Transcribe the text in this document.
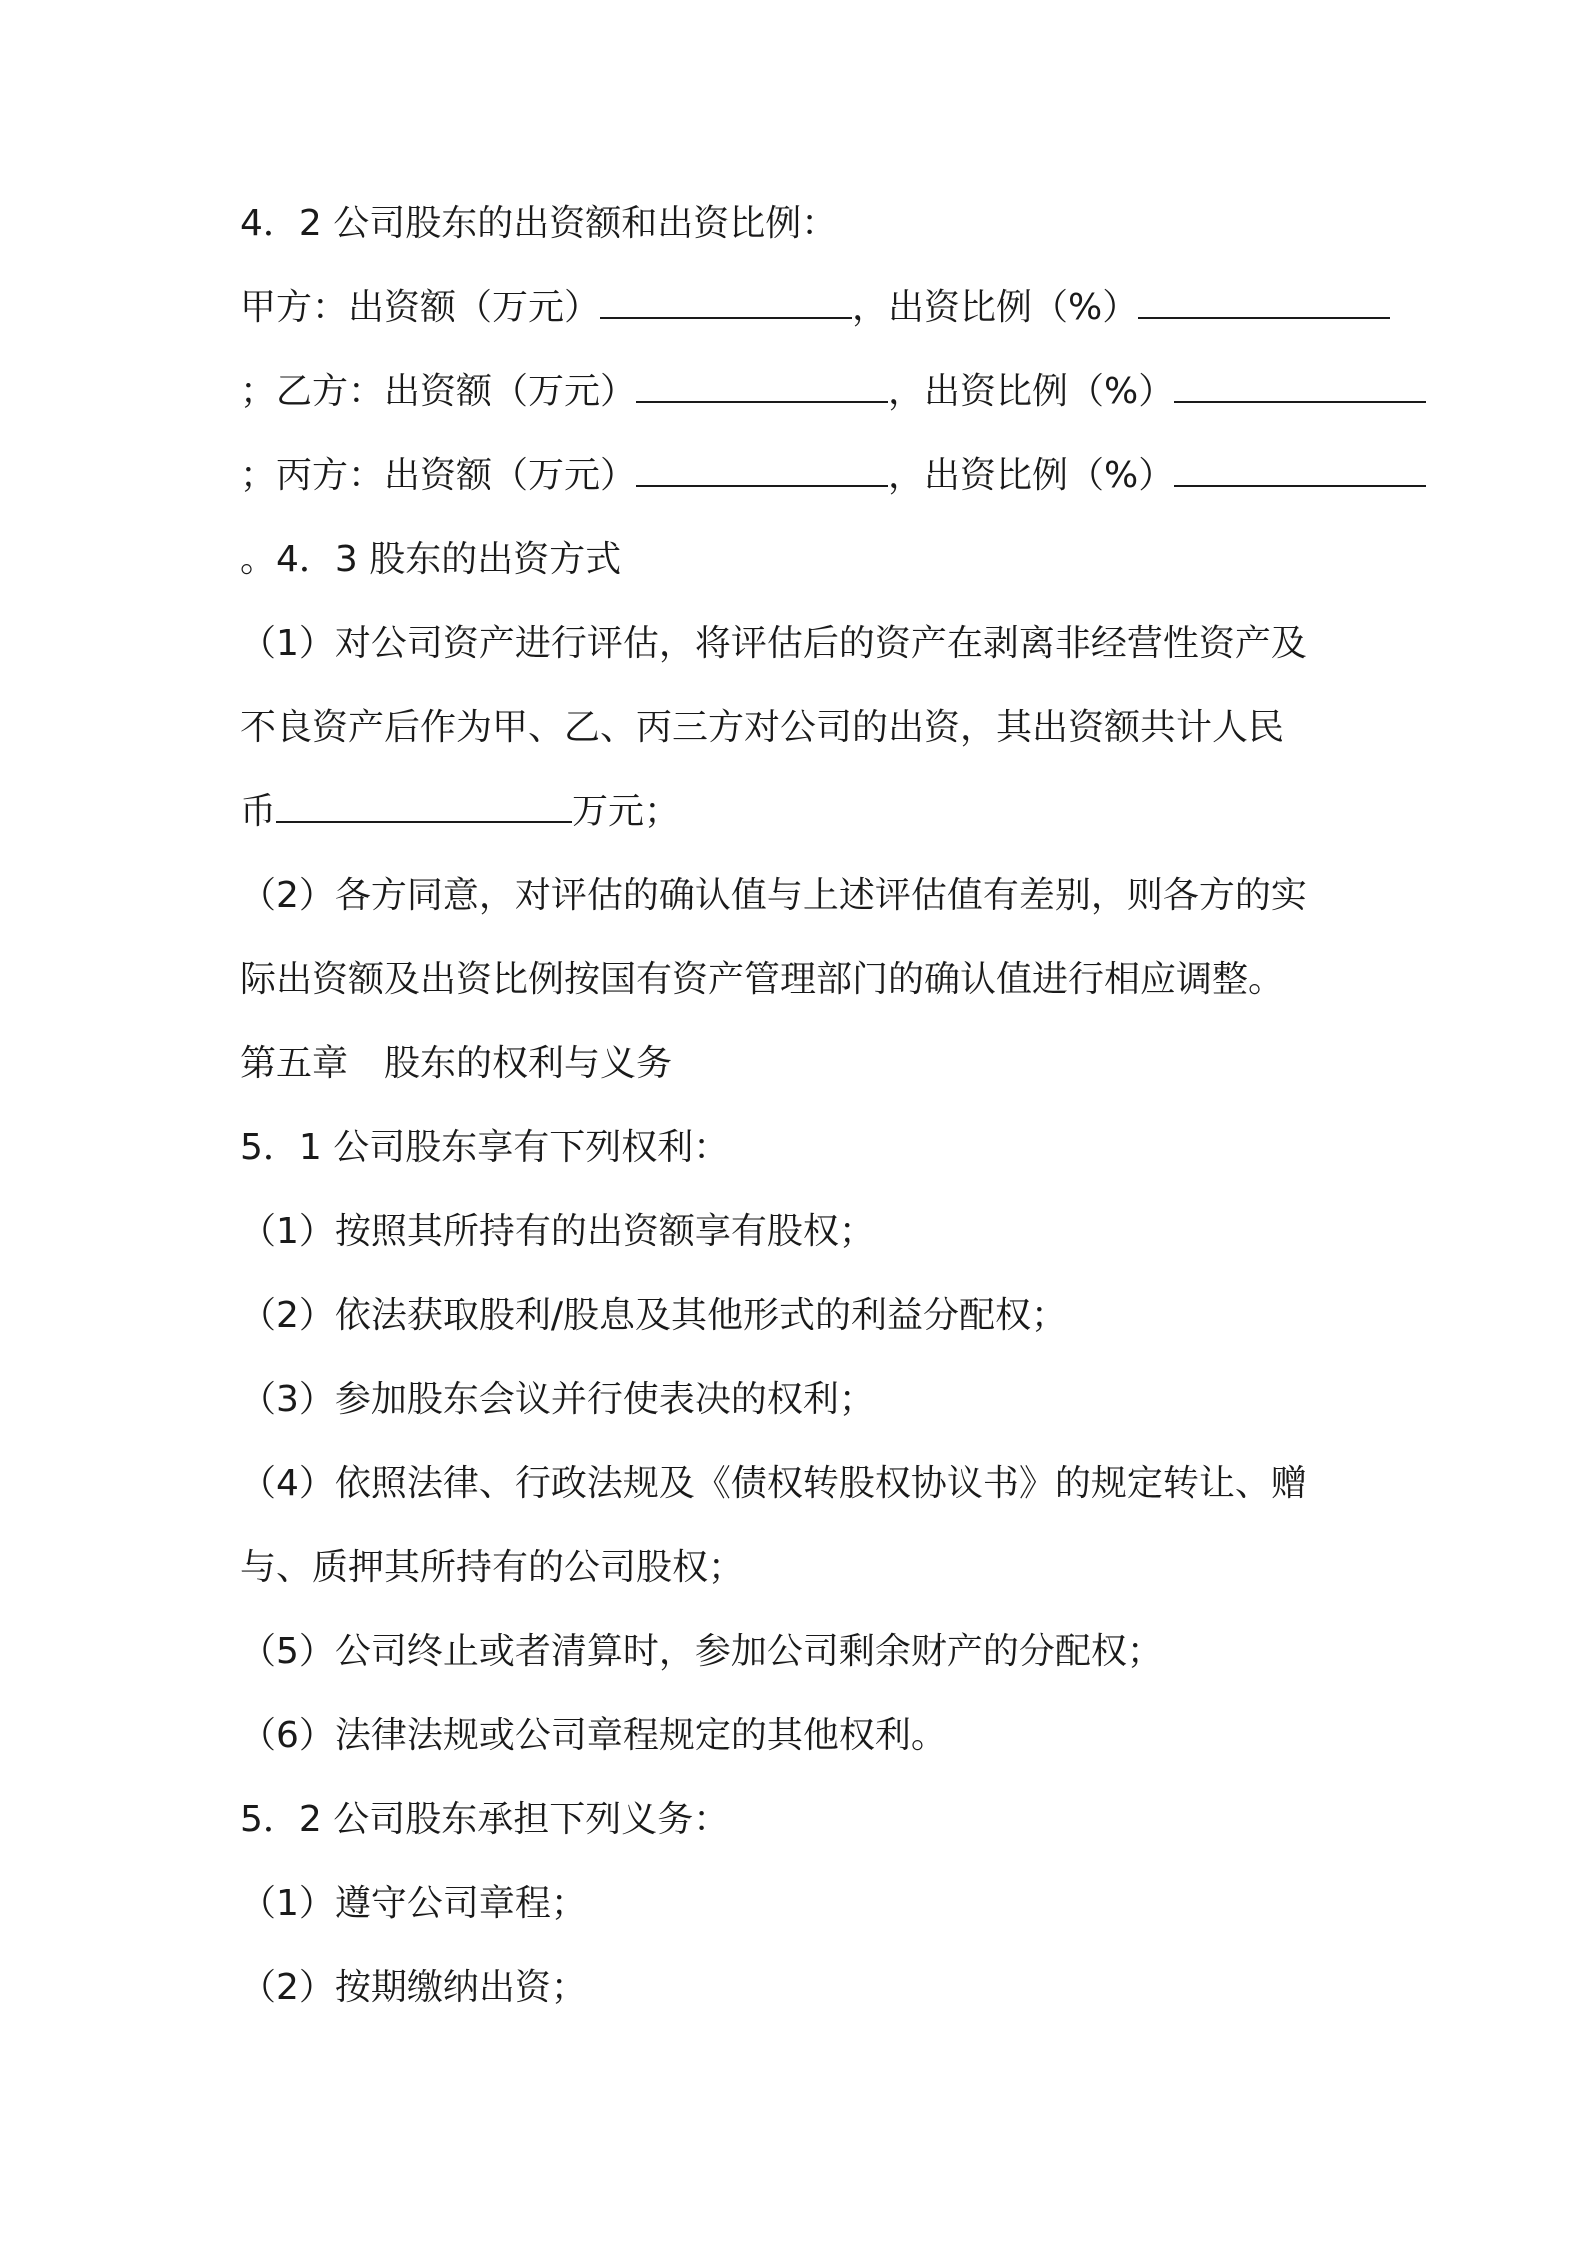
4．2 公司股东的出资额和出资比例：
甲方：出资额（万元）	，出资比例（%）
；乙方：出资额（万元）	，出资比例（%）
；丙方：出资额（万元）	，出资比例（%）
。4．3 股东的出资方式
（1）对公司资产进行评估，将评估后的资产在剥离非经营性资产及
不良资产后作为甲、乙、丙三方对公司的出资，其出资额共计人民
币	万元；
（2）各方同意，对评估的确认值与上述评估值有差别，则各方的实
际出资额及出资比例按国有资产管理部门的确认值进行相应调整。
第五章　股东的权利与义务
5．1 公司股东享有下列权利：
（1）按照其所持有的出资额享有股权；
（2）依法获取股利/股息及其他形式的利益分配权；
（3）参加股东会议并行使表决的权利；
（4）依照法律、行政法规及《债权转股权协议书》的规定转让、赠
与、质押其所持有的公司股权；
（5）公司终止或者清算时，参加公司剩余财产的分配权；
（6）法律法规或公司章程规定的其他权利。
5．2 公司股东承担下列义务：
（1）遵守公司章程；
（2）按期缴纳出资；
